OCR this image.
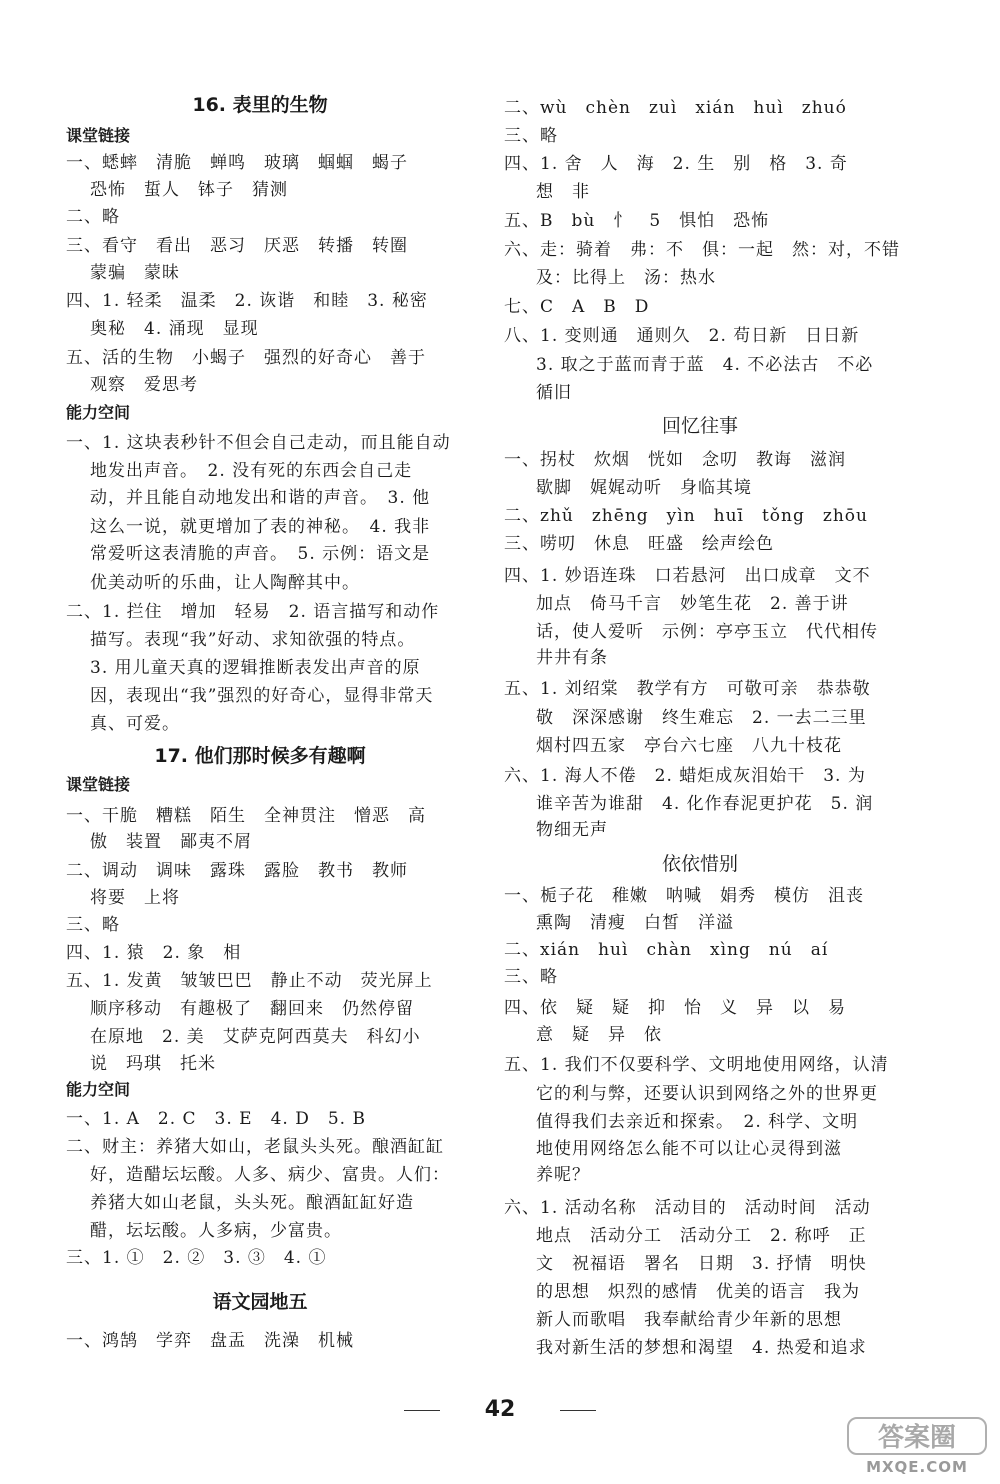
16. 表里的生物
课堂链接
一、蟋蟀　清脆　蝉鸣　玻璃　蝈蝈　蝎子
恐怖　蜇人　钵子　猜测
二、略
三、看守　看出　恶习　厌恶　转播　转圈
蒙骗　蒙昧
四、1. 轻柔　温柔　2. 诙谐　和睦　3. 秘密
奥秘　4. 涌现　显现
五、活的生物　小蝎子　强烈的好奇心　善于
观察　爱思考
能力空间
一、1. 这块表秒针不但会自己走动，而且能自动
地发出声音。　2. 没有死的东西会自己走
动，并且能自动地发出和谐的声音。　3. 他
这么一说，就更增加了表的神秘。　4. 我非
常爱听这表清脆的声音。　5. 示例：语文是
优美动听的乐曲，让人陶醉其中。
二、1. 拦住　增加　轻易　2. 语言描写和动作
描写。表现“我”好动、求知欲强的特点。
3. 用儿童天真的逻辑推断表发出声音的原
因，表现出“我”强烈的好奇心，显得非常天
真、可爱。
17. 他们那时候多有趣啊
课堂链接
一、干脆　糟糕　陌生　全神贯注　憎恶　高
傲　装置　鄙夷不屑
二、调动　调味　露珠　露脸　教书　教师
将要　上将
三、略
四、1. 猿　2. 象　相
五、1. 发黄　皱皱巴巴　静止不动　荧光屏上
顺序移动　有趣极了　翻回来　仍然停留
在原地　2. 美　艾萨克阿西莫夫　科幻小
说　玛琪　托米
能力空间
一、1. A　2. C　3. E　4. D　5. B
二、财主：养猪大如山，老鼠头头死。酿酒缸缸
好，造醋坛坛酸。人多、病少、富贵。人们：
养猪大如山老鼠，头头死。酿酒缸缸好造
醋，坛坛酸。人多病，少富贵。
三、1. ①　2. ②　3. ③　4. ①
语文园地五
一、鸿鹄　学弈　盘盂　洗澡　机械
二、wù　chèn　zuì　xián　huì　zhuó
三、略
四、1. 舍　人　海　2. 生　别　格　3. 奇
想　非
五、B　bù　忄　5　惧怕　恐怖
六、走：骑着　弗：不　俱：一起　然：对，不错
及：比得上　汤：热水
七、C　A　B　D
八、1. 变则通　通则久　2. 苟日新　日日新
3. 取之于蓝而青于蓝　4. 不必法古　不必
循旧
回忆往事
一、拐杖　炊烟　恍如　念叨　教诲　滋润
歇脚　娓娓动听　身临其境
二、zhǔ　zhēng　yìn　huī　tǒng　zhōu
三、唠叨　休息　旺盛　绘声绘色
四、1. 妙语连珠　口若悬河　出口成章　文不
加点　倚马千言　妙笔生花　2. 善于讲
话，使人爱听　示例：亭亭玉立　代代相传
井井有条
五、1. 刘绍棠　教学有方　可敬可亲　恭恭敬
敬　深深感谢　终生难忘　2. 一去二三里
烟村四五家　亭台六七座　八九十枝花
六、1. 海人不倦　2. 蜡炬成灰泪始干　3. 为
谁辛苦为谁甜　4. 化作春泥更护花　5. 润
物细无声
依依惜别
一、栀子花　稚嫩　呐喊　娟秀　模仿　沮丧
熏陶　清瘦　白皙　洋溢
二、xián　huì　chàn　xìng　nú　aí
三、略
四、依　疑　疑　抑　怡　义　异　以　易
意　疑　异　依
五、1. 我们不仅要科学、文明地使用网络，认清
它的利与弊，还要认识到网络之外的世界更
值得我们去亲近和探索。　2. 科学、文明
地使用网络怎么能不可以让心灵得到滋
养呢？
六、1. 活动名称　活动目的　活动时间　活动
地点　活动分工　活动分工　2. 称呼　正
文　祝福语　署名　日期　3. 抒情　明快
的思想　炽烈的感情　优美的语言　我为
新人而歌唱　我奉献给青少年新的思想
我对新生活的梦想和渴望　4. 热爱和追求
42
答案圈
MXQE.COM
